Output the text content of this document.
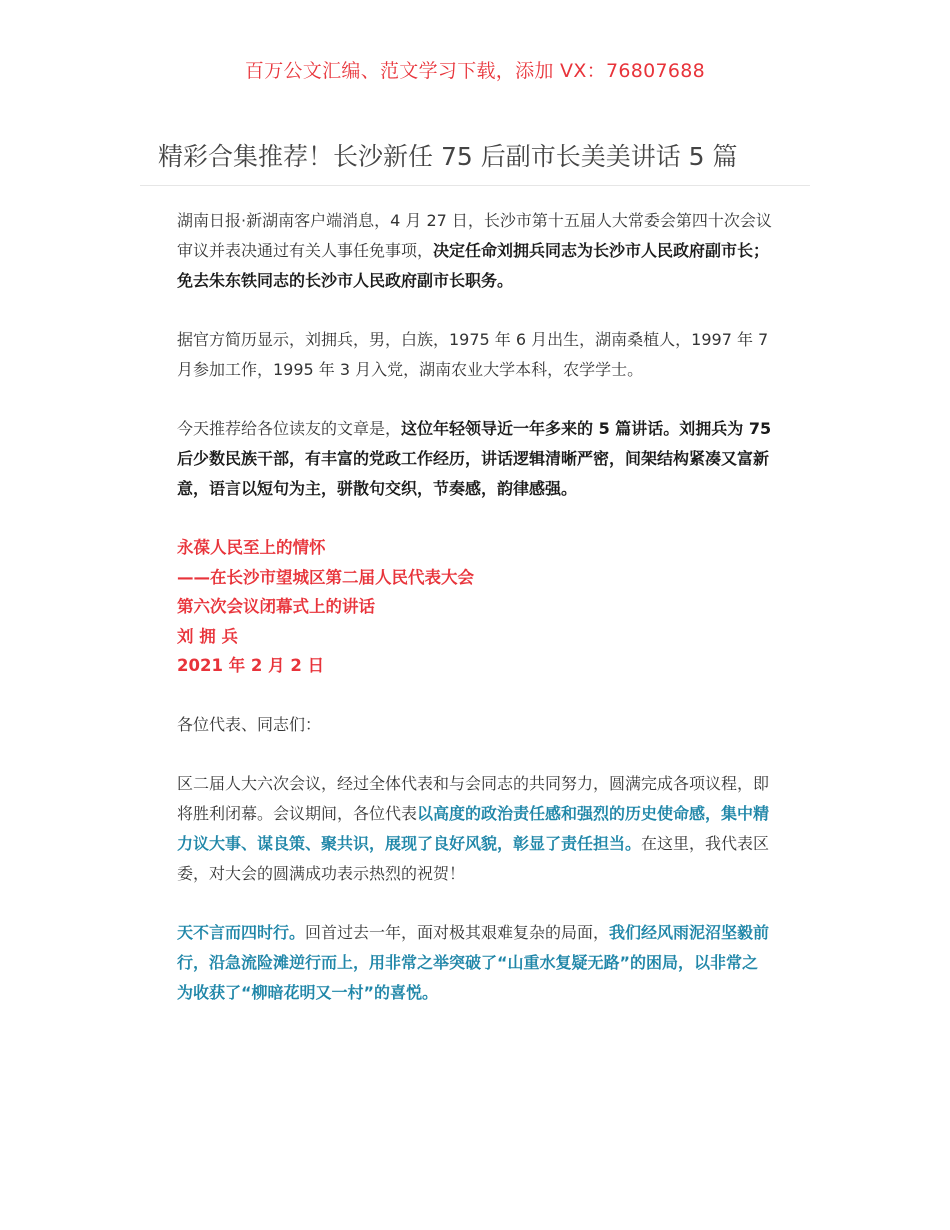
百万公文汇编、范文学习下载，添加 VX：76807688
精彩合集推荐！长沙新任 75 后副市长美美讲话 5 篇

湖南日报·新湖南客户端消息，4 月 27 日，长沙市第十五届人大常委会第四十次会议审议并表决通过有关人事任免事项，决定任命刘拥兵同志为长沙市人民政府副市长；免去朱东铁同志的长沙市人民政府副市长职务。

据官方简历显示，刘拥兵，男，白族，1975 年 6 月出生，湖南桑植人，1997 年 7 月参加工作，1995 年 3 月入党，湖南农业大学本科，农学学士。

今天推荐给各位读友的文章是，这位年轻领导近一年多来的 5 篇讲话。刘拥兵为 75 后少数民族干部，有丰富的党政工作经历，讲话逻辑清晰严密，间架结构紧凑又富新意，语言以短句为主，骈散句交织，节奏感，韵律感强。

永葆人民至上的情怀
——在长沙市望城区第二届人民代表大会
第六次会议闭幕式上的讲话
刘 拥 兵
2021 年 2 月 2 日

各位代表、同志们：

区二届人大六次会议，经过全体代表和与会同志的共同努力，圆满完成各项议程，即将胜利闭幕。会议期间，各位代表以高度的政治责任感和强烈的历史使命感，集中精力议大事、谋良策、聚共识，展现了良好风貌，彰显了责任担当。在这里，我代表区委，对大会的圆满成功表示热烈的祝贺！

天不言而四时行。回首过去一年，面对极其艰难复杂的局面，我们经风雨泥沼坚毅前行，沿急流险滩逆行而上，用非常之举突破了“山重水复疑无路”的困局，以非常之为收获了“柳暗花明又一村”的喜悦。
